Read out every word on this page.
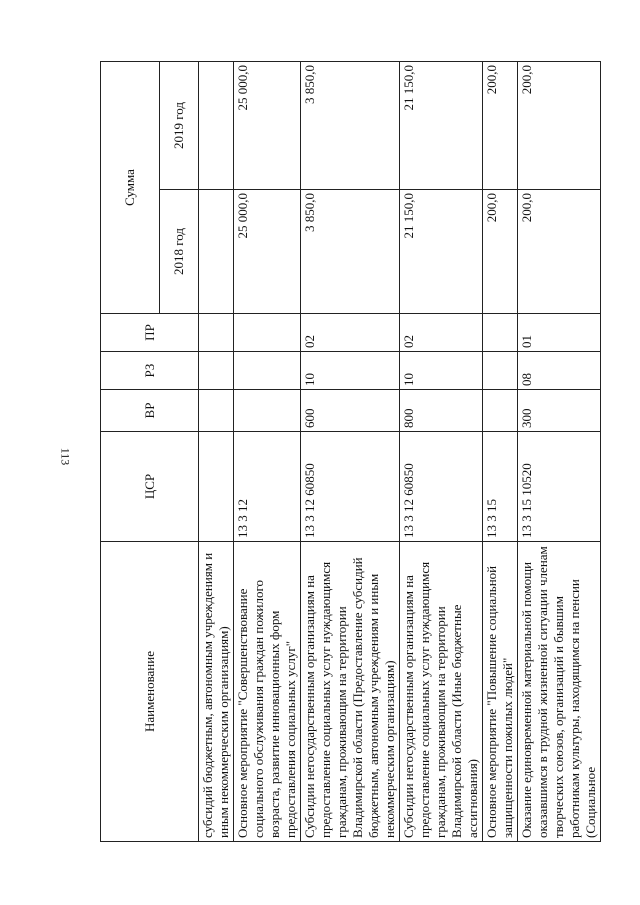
113
Наименование	ЦСР	ВР	РЗ	ПР	Сумма	
					2018 год	2019 год
субсидий бюджетным, автономным учреждениям и иным некоммерческим организациям)						
Основное мероприятие "Совершенствование социального обслуживания граждан пожилого возраста, развитие инновационных форм предоставления социальных услуг"	13 3 12				25 000,0	25 000,0
Субсидии негосударственным организациям на предоставление социальных услуг нуждающимся гражданам, проживающим на территории Владимирской области (Предоставление субсидий бюджетным, автономным учреждениям и иным некоммерческим организациям)	13 3 12 60850	600	10	02	3 850,0	3 850,0
Субсидии негосударственным организациям на предоставление социальных услуг нуждающимся гражданам, проживающим на территории Владимирской области (Иные бюджетные ассигнования)	13 3 12 60850	800	10	02	21 150,0	21 150,0
Основное мероприятие "Повышение социальной защищенности пожилых людей"	13 3 15				200,0	200,0
Оказание единовременной материальной помощи оказавшимся в трудной жизненной ситуации членам творческих союзов, организаций и бывшим работникам культуры, находящимся на пенсии (Социальное	13 3 15 10520	300	08	01	200,0	200,0
